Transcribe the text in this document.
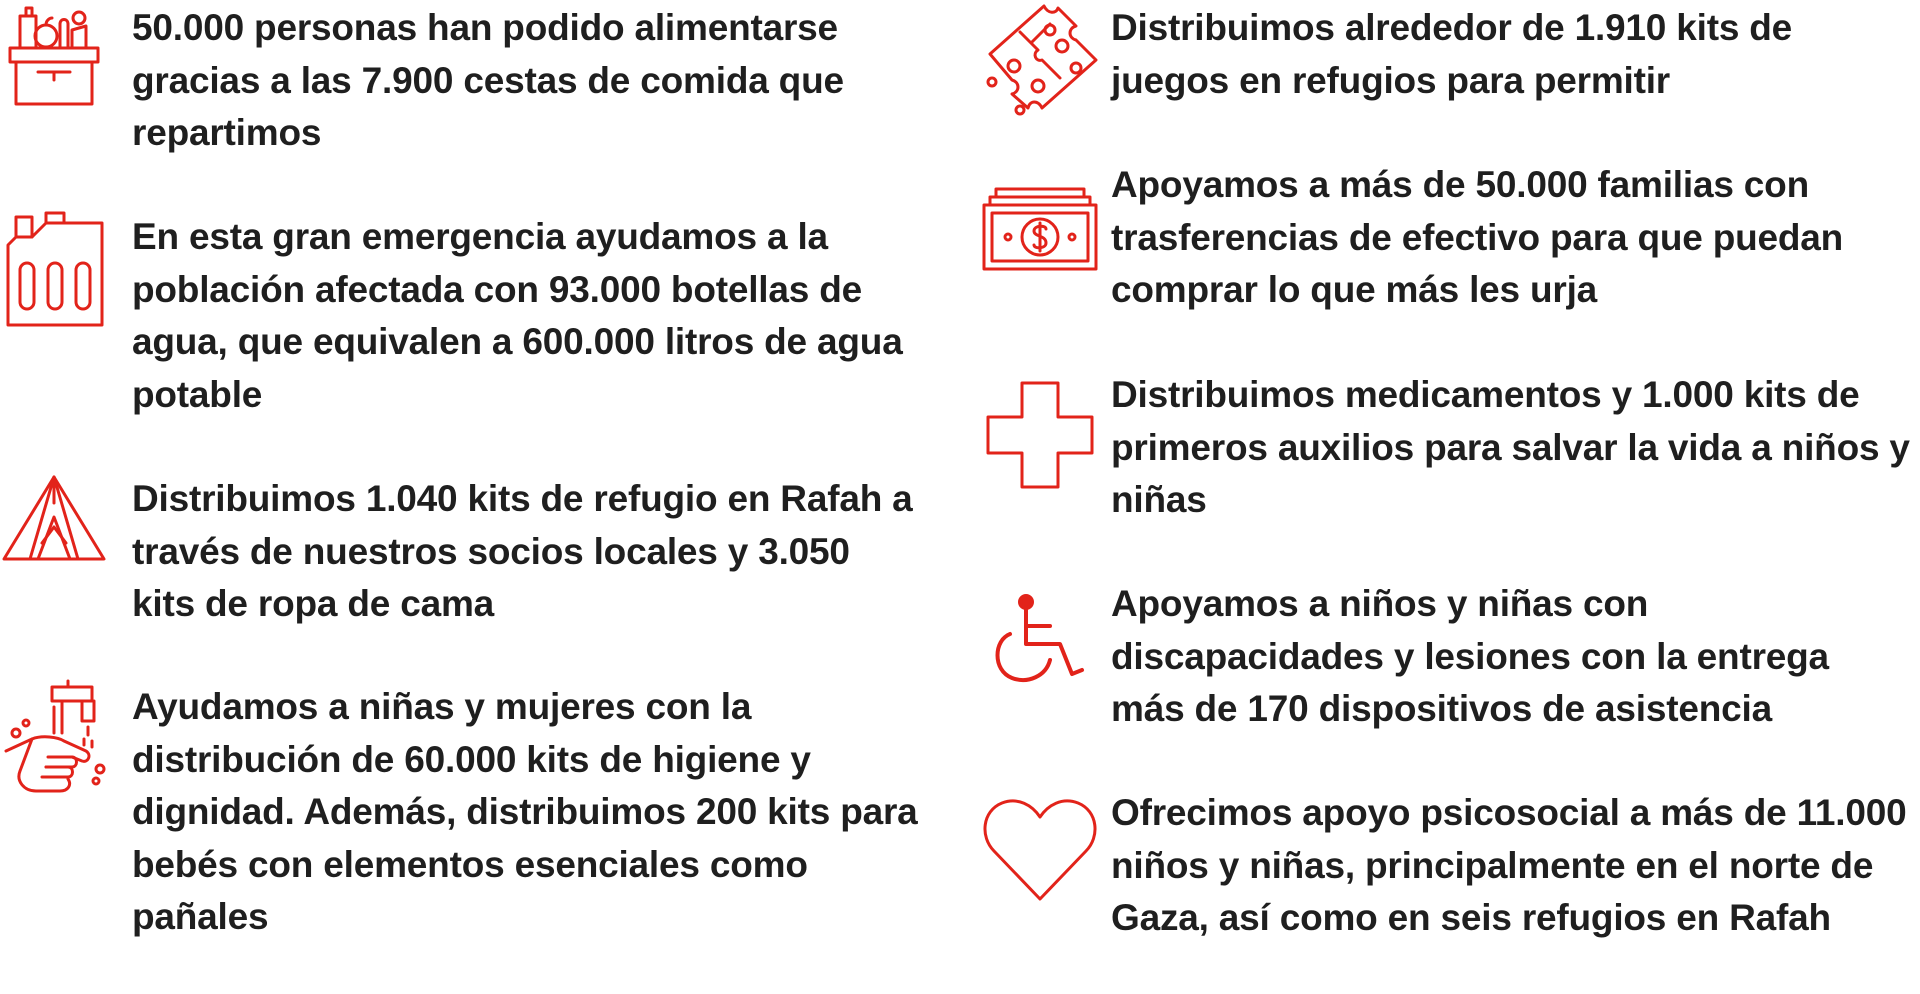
50.000 personas han podido alimentarse gracias a las 7.900 cestas de comida que repartimos

En esta gran emergencia ayudamos a la población afectada con 93.000 botellas de agua, que equivalen a 600.000 litros de agua potable

Distribuimos 1.040 kits de refugio en Rafah a través de nuestros socios locales y 3.050 kits de ropa de cama

Ayudamos a niñas y mujeres con la distribución de 60.000 kits de higiene y dignidad. Además, distribuimos 200 kits para bebés con elementos esenciales como pañales

Distribuimos alrededor de 1.910 kits de juegos en refugios para permitir

Apoyamos a más de 50.000 familias con trasferencias de efectivo para que puedan comprar lo que más les urja

Distribuimos medicamentos y 1.000 kits de primeros auxilios para salvar la vida a niños y niñas

Apoyamos a niños y niñas con discapacidades y lesiones con la entrega más de 170 dispositivos de asistencia

Ofrecimos apoyo psicosocial a más de 11.000 niños y niñas, principalmente en el norte de Gaza, así como en seis refugios en Rafah
